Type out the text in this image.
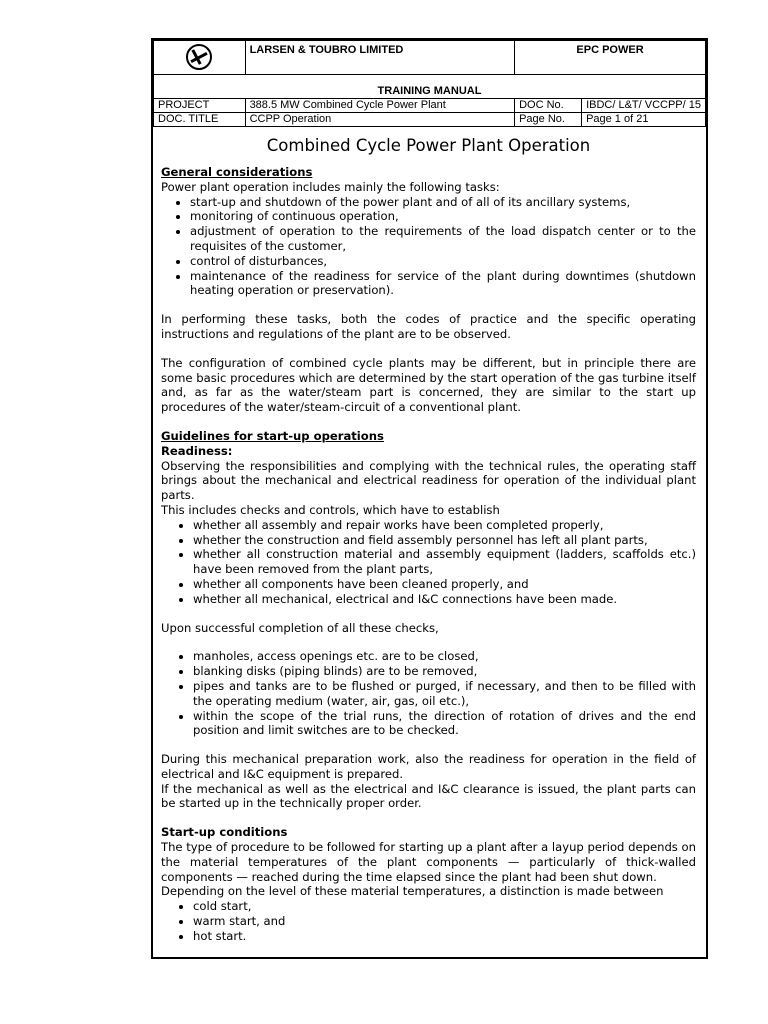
	LARSEN & TOUBRO LIMITED	EPC POWER	
TRAINING MANUAL			
PROJECT	388.5 MW Combined Cycle Power Plant	DOC No.	IBDC/ L&T/ VCCPP/ 15
DOC. TITLE	CCPP Operation	Page No.	Page 1 of 21
Combined Cycle Power Plant Operation
General considerations

Power plant operation includes mainly the following tasks:

• start-up and shutdown of the power plant and of all of its ancillary systems,
• monitoring of continuous operation,
• adjustment of operation to the requirements of the load dispatch center or to the requisites of the customer,
• control of disturbances,
• maintenance of the readiness for service of the plant during downtimes (shutdown heating operation or preservation).

In performing these tasks, both the codes of practice and the specific operating instructions and regulations of the plant are to be observed.

The configuration of combined cycle plants may be different, but in principle there are some basic procedures which are determined by the start operation of the gas turbine itself and, as far as the water/steam part is concerned, they are similar to the start up procedures of the water/steam-circuit of a conventional plant.

Guidelines for start-up operations
Readiness:

Observing the responsibilities and complying with the technical rules, the operating staff brings about the mechanical and electrical readiness for operation of the individual plant parts.

This includes checks and controls, which have to establish

• whether all assembly and repair works have been completed properly,
• whether the construction and field assembly personnel has left all plant parts,
• whether all construction material and assembly equipment (ladders, scaffolds etc.) have been removed from the plant parts,
• whether all components have been cleaned properly, and
• whether all mechanical, electrical and I&C connections have been made.

Upon successful completion of all these checks,

• manholes, access openings etc. are to be closed,
• blanking disks (piping blinds) are to be removed,
• pipes and tanks are to be flushed or purged, if necessary, and then to be filled with the operating medium (water, air, gas, oil etc.),
• within the scope of the trial runs, the direction of rotation of drives and the end position and limit switches are to be checked.

During this mechanical preparation work, also the readiness for operation in the field of electrical and I&C equipment is prepared.

If the mechanical as well as the electrical and I&C clearance is issued, the plant parts can be started up in the technically proper order.

Start-up conditions

The type of procedure to be followed for starting up a plant after a layup period depends on the material temperatures of the plant components — particularly of thick-walled components — reached during the time elapsed since the plant had been shut down.

Depending on the level of these material temperatures, a distinction is made between

• cold start,
• warm start, and
• hot start.
